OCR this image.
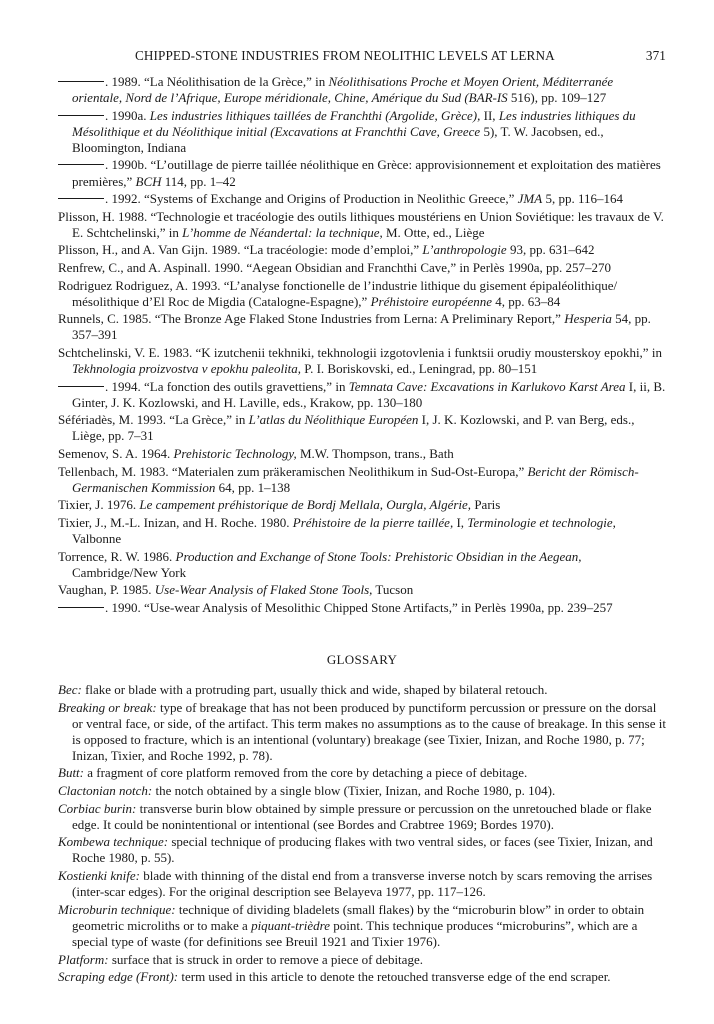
CHIPPED-STONE INDUSTRIES FROM NEOLITHIC LEVELS AT LERNA	371

. 1989. “La Néolithisation de la Grèce,” in Néolithisations Proche et Moyen Orient, Méditerranée orientale, Nord de l’Afrique, Europe méridionale, Chine, Amérique du Sud (BAR-IS 516), pp. 109–127

. 1990a. Les industries lithiques taillées de Franchthi (Argolide, Grèce), II, Les industries lithiques du Mésolithique et du Néolithique initial (Excavations at Franchthi Cave, Greece 5), T. W. Jacobsen, ed., Bloomington, Indiana

. 1990b. “L’outillage de pierre taillée néolithique en Grèce: approvisionnement et exploitation des matières premières,” BCH 114, pp. 1–42

. 1992. “Systems of Exchange and Origins of Production in Neolithic Greece,” JMA 5, pp. 116–164

Plisson, H. 1988. “Technologie et tracéologie des outils lithiques moustériens en Union Soviétique: les travaux de V. E. Schtchelinski,” in L’homme de Néandertal: la technique, M. Otte, ed., Liège

Plisson, H., and A. Van Gijn. 1989. “La tracéologie: mode d’emploi,” L’anthropologie 93, pp. 631–642

Renfrew, C., and A. Aspinall. 1990. “Aegean Obsidian and Franchthi Cave,” in Perlès 1990a, pp. 257–270

Rodriguez Rodriguez, A. 1993. “L’analyse fonctionelle de l’industrie lithique du gisement épipaléolithique/ mésolithique d’El Roc de Migdia (Catalogne-Espagne),” Préhistoire européenne 4, pp. 63–84

Runnels, C. 1985. “The Bronze Age Flaked Stone Industries from Lerna: A Preliminary Report,” Hesperia 54, pp. 357–391

Schtchelinski, V. E. 1983. “K izutchenii tekhniki, tekhnologii izgotovlenia i funktsii orudiy mousterskoy epokhi,” in Tekhnologia proizvostva v epokhu paleolita, P. I. Boriskovski, ed., Leningrad, pp. 80–151

. 1994. “La fonction des outils gravettiens,” in Temnata Cave: Excavations in Karlukovo Karst Area I, ii, B. Ginter, J. K. Kozlowski, and H. Laville, eds., Krakow, pp. 130–180

Séfériadès, M. 1993. “La Grèce,” in L’atlas du Néolithique Européen I, J. K. Kozlowski, and P. van Berg, eds., Liège, pp. 7–31

Semenov, S. A. 1964. Prehistoric Technology, M.W. Thompson, trans., Bath

Tellenbach, M. 1983. “Materialen zum präkeramischen Neolithikum in Sud-Ost-Europa,” Bericht der Römisch-Germanischen Kommission 64, pp. 1–138

Tixier, J. 1976. Le campement préhistorique de Bordj Mellala, Ourgla, Algérie, Paris

Tixier, J., M.-L. Inizan, and H. Roche. 1980. Préhistoire de la pierre taillée, I, Terminologie et technologie, Valbonne

Torrence, R. W. 1986. Production and Exchange of Stone Tools: Prehistoric Obsidian in the Aegean, Cambridge/New York

Vaughan, P. 1985. Use-Wear Analysis of Flaked Stone Tools, Tucson

. 1990. “Use-wear Analysis of Mesolithic Chipped Stone Artifacts,” in Perlès 1990a, pp. 239–257

GLOSSARY

Bec: flake or blade with a protruding part, usually thick and wide, shaped by bilateral retouch.

Breaking or break: type of breakage that has not been produced by punctiform percussion or pressure on the dorsal or ventral face, or side, of the artifact. This term makes no assumptions as to the cause of breakage. In this sense it is opposed to fracture, which is an intentional (voluntary) breakage (see Tixier, Inizan, and Roche 1980, p. 77; Inizan, Tixier, and Roche 1992, p. 78).

Butt: a fragment of core platform removed from the core by detaching a piece of debitage.

Clactonian notch: the notch obtained by a single blow (Tixier, Inizan, and Roche 1980, p. 104).

Corbiac burin: transverse burin blow obtained by simple pressure or percussion on the unretouched blade or flake edge. It could be nonintentional or intentional (see Bordes and Crabtree 1969; Bordes 1970).

Kombewa technique: special technique of producing flakes with two ventral sides, or faces (see Tixier, Inizan, and Roche 1980, p. 55).

Kostienki knife: blade with thinning of the distal end from a transverse inverse notch by scars removing the arrises (inter-scar edges). For the original description see Belayeva 1977, pp. 117–126.

Microburin technique: technique of dividing bladelets (small flakes) by the “microburin blow” in order to obtain geometric microliths or to make a piquant-trièdre point. This technique produces “microburins”, which are a special type of waste (for definitions see Breuil 1921 and Tixier 1976).

Platform: surface that is struck in order to remove a piece of debitage.

Scraping edge (Front): term used in this article to denote the retouched transverse edge of the end scraper.
